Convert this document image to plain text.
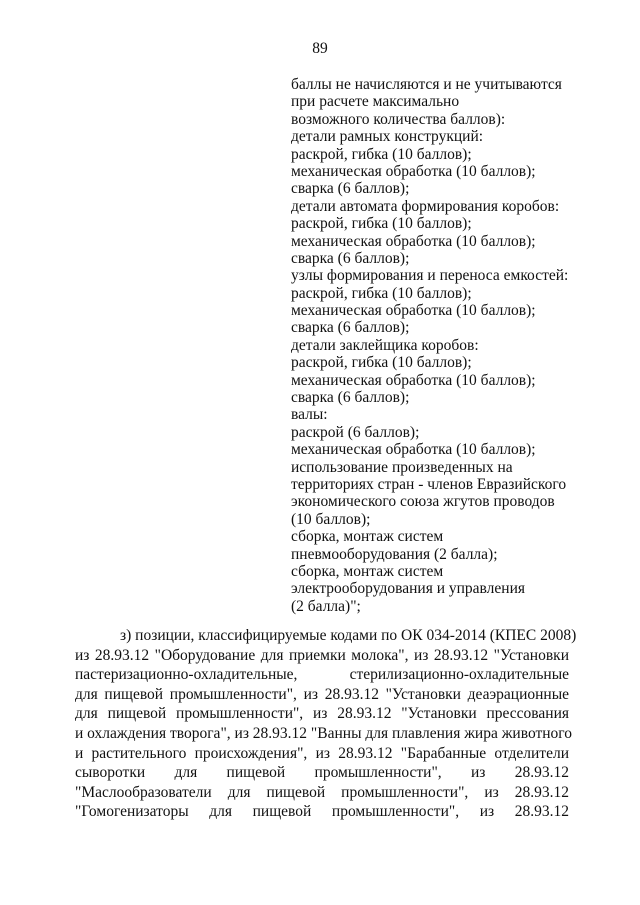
89
баллы не начисляются и не учитываются
при расчете максимально
возможного количества баллов):
детали рамных конструкций:
раскрой, гибка (10 баллов);
механическая обработка (10 баллов);
сварка (6 баллов);
детали автомата формирования коробов:
раскрой, гибка (10 баллов);
механическая обработка (10 баллов);
сварка (6 баллов);
узлы формирования и переноса емкостей:
раскрой, гибка (10 баллов);
механическая обработка (10 баллов);
сварка (6 баллов);
детали заклейщика коробов:
раскрой, гибка (10 баллов);
механическая обработка (10 баллов);
сварка (6 баллов);
валы:
раскрой (6 баллов);
механическая обработка (10 баллов);
использование произведенных на
территориях стран - членов Евразийского
экономического союза жгутов проводов
(10 баллов);
сборка, монтаж систем
пневмооборудования (2 балла);
сборка, монтаж систем
электрооборудования и управления
(2 балла)";
з) позиции, классифицируемые кодами по ОК 034-2014 (КПЕС 2008)
из 28.93.12 "Оборудование для приемки молока", из 28.93.12 "Установки
пастеризационно-охладительные, стерилизационно-охладительные
для пищевой промышленности", из 28.93.12 "Установки деаэрационные
для пищевой промышленности", из 28.93.12 "Установки прессования
и охлаждения творога", из 28.93.12 "Ванны для плавления жира животного
и растительного происхождения", из 28.93.12 "Барабанные отделители
сыворотки для пищевой промышленности", из 28.93.12
"Маслообразователи для пищевой промышленности", из 28.93.12
"Гомогенизаторы для пищевой промышленности", из 28.93.12
